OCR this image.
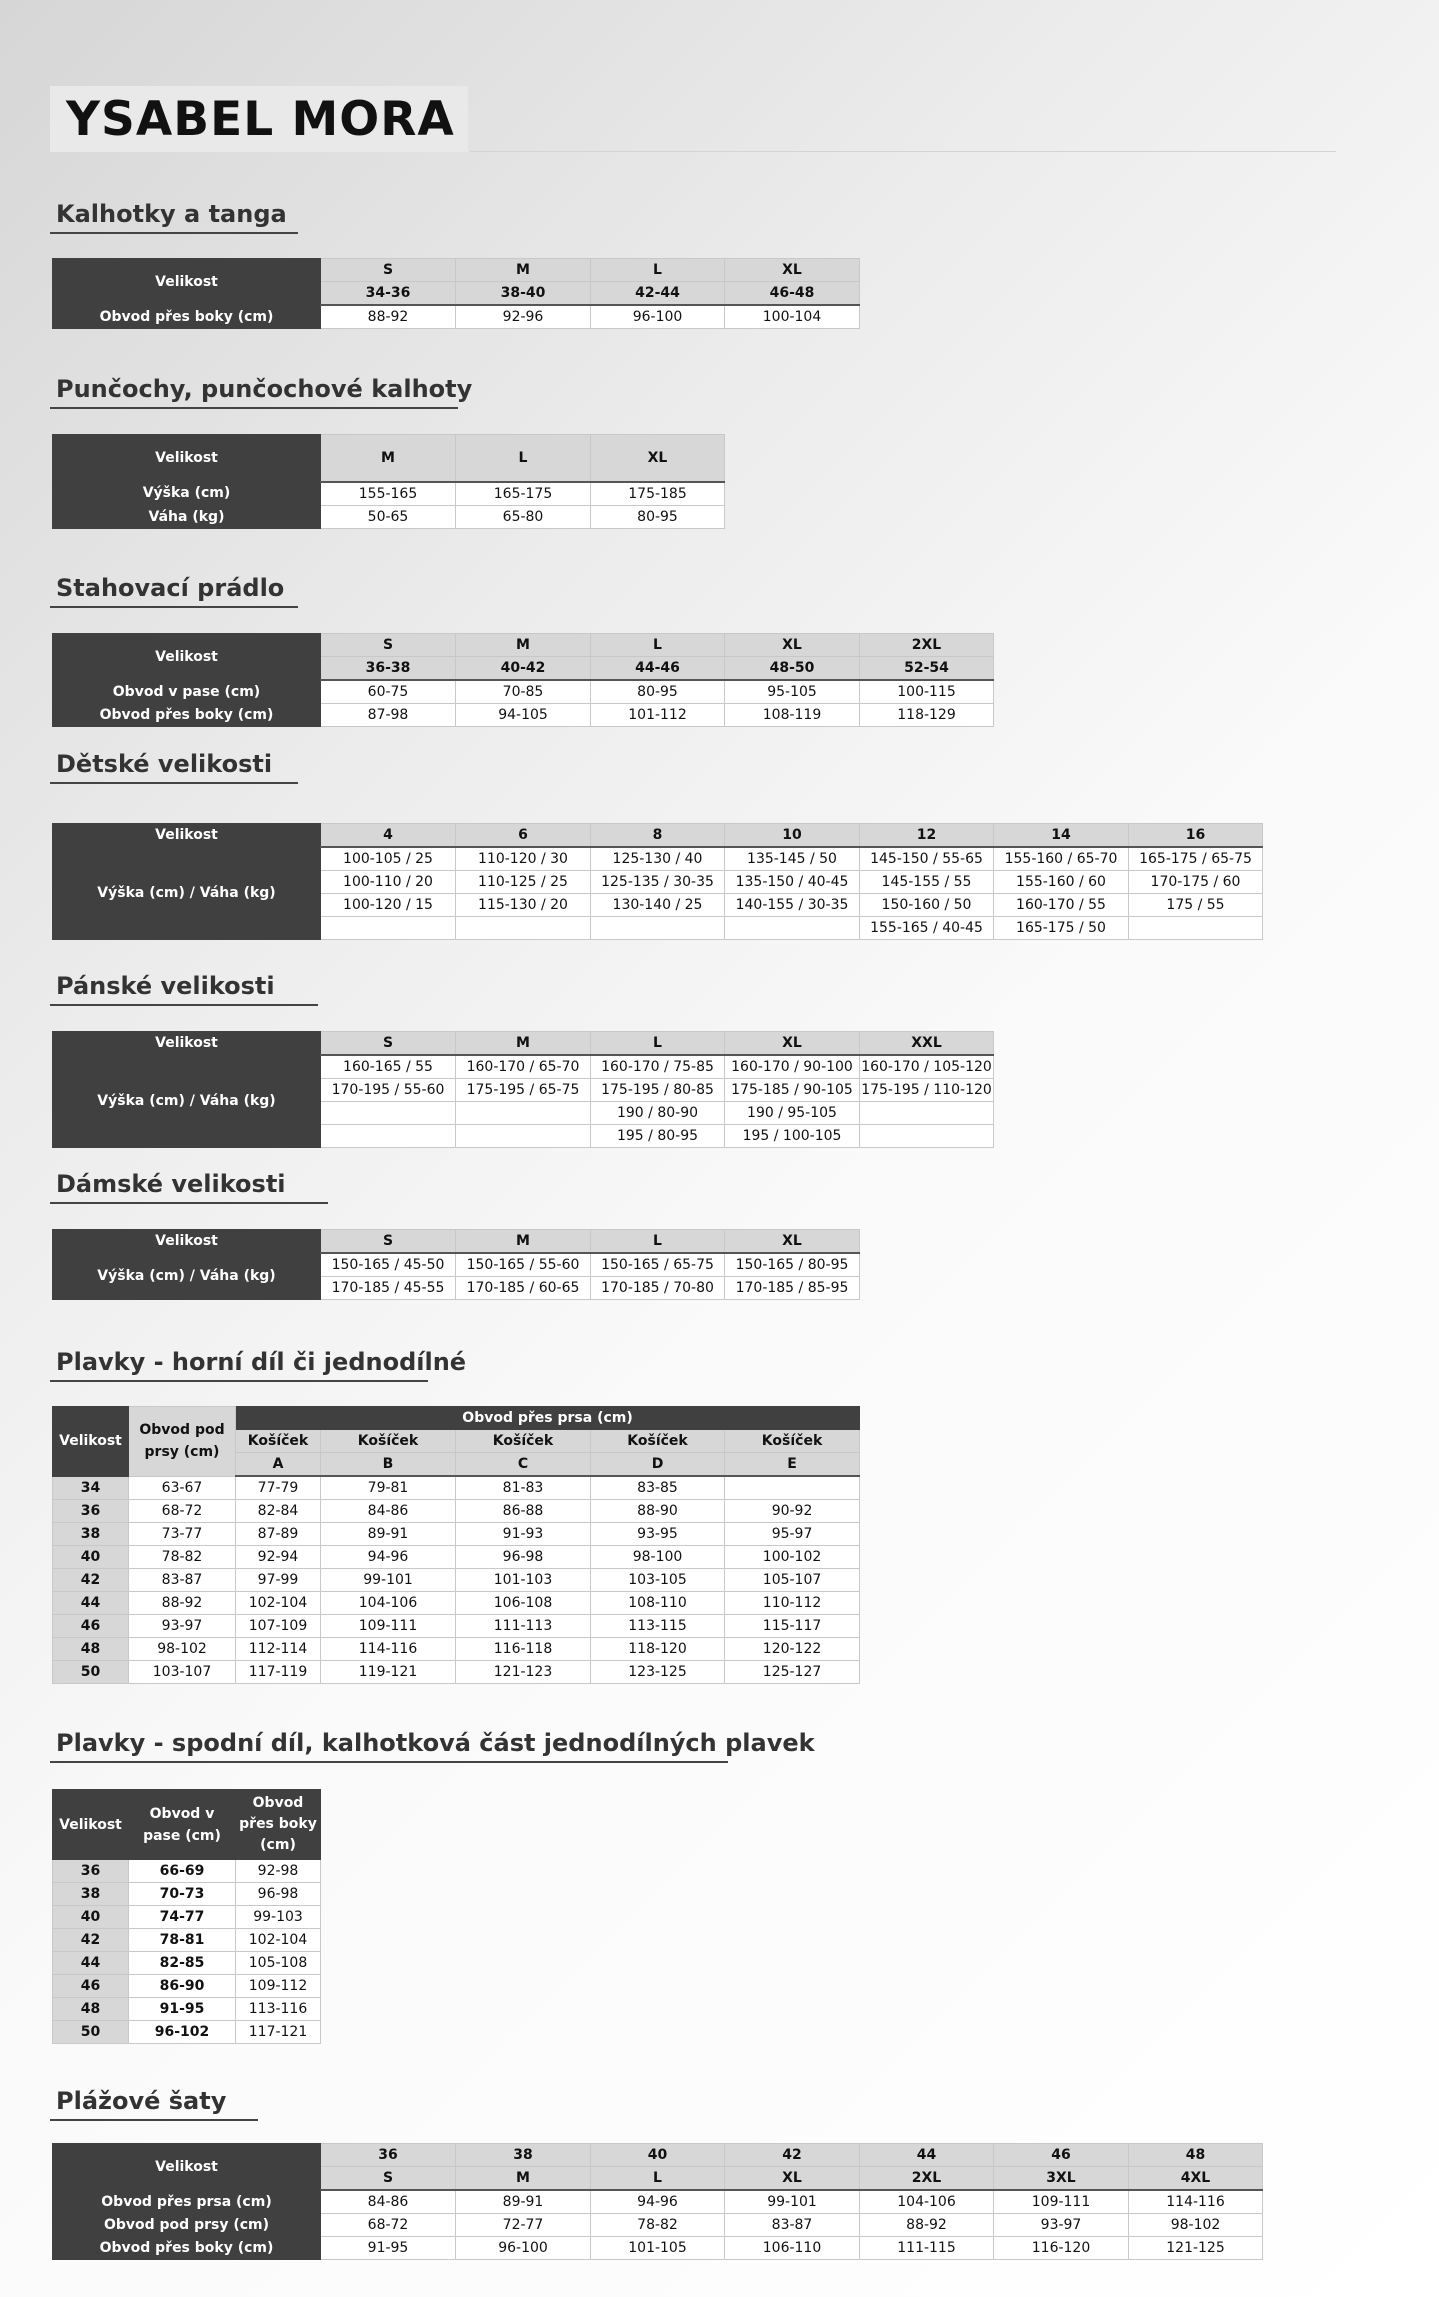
YSABEL MORA
Kalhotky a tanga
Velikost	S	M	L	XL
	34-36	38-40	42-44	46-48
Obvod přes boky (cm)	88-92	92-96	96-100	100-104
Punčochy, punčochové kalhoty
Velikost	M	L	XL
Výška (cm)	155-165	165-175	175-185
Váha (kg)	50-65	65-80	80-95
Stahovací prádlo
Velikost	S	M	L	XL	2XL
	36-38	40-42	44-46	48-50	52-54
Obvod v pase (cm)	60-75	70-85	80-95	95-105	100-115
Obvod přes boky (cm)	87-98	94-105	101-112	108-119	118-129
Dětské velikosti
Velikost	4	6	8	10	12	14	16
Výška (cm) / Váha (kg)	100-105 / 25	110-120 / 30	125-130 / 40	135-145 / 50	145-150 / 55-65	155-160 / 65-70	165-175 / 65-75
	100-110 / 20	110-125 / 25	125-135 / 30-35	135-150 / 40-45	145-155 / 55	155-160 / 60	170-175 / 60
	100-120 / 15	115-130 / 20	130-140 / 25	140-155 / 30-35	150-160 / 50	160-170 / 55	175 / 55
					155-165 / 40-45	165-175 / 50	
Pánské velikosti
Velikost	S	M	L	XL	XXL
Výška (cm) / Váha (kg)	160-165 / 55	160-170 / 65-70	160-170 / 75-85	160-170 / 90-100	160-170 / 105-120
	170-195 / 55-60	175-195 / 65-75	175-195 / 80-85	175-185 / 90-105	175-195 / 110-120
			190 / 80-90	190 / 95-105	
			195 / 80-95	195 / 100-105	
Dámské velikosti
Velikost	S	M	L	XL
Výška (cm) / Váha (kg)	150-165 / 45-50	150-165 / 55-60	150-165 / 65-75	150-165 / 80-95
	170-185 / 45-55	170-185 / 60-65	170-185 / 70-80	170-185 / 85-95
Plavky - horní díl či jednodílné
Velikost	Obvod pod prsy (cm)	Obvod přes prsa (cm)				
		Košíček	Košíček	Košíček	Košíček	Košíček
		A	B	C	D	E
34	63-67	77-79	79-81	81-83	83-85	
36	68-72	82-84	84-86	86-88	88-90	90-92
38	73-77	87-89	89-91	91-93	93-95	95-97
40	78-82	92-94	94-96	96-98	98-100	100-102
42	83-87	97-99	99-101	101-103	103-105	105-107
44	88-92	102-104	104-106	106-108	108-110	110-112
46	93-97	107-109	109-111	111-113	113-115	115-117
48	98-102	112-114	114-116	116-118	118-120	120-122
50	103-107	117-119	119-121	121-123	123-125	125-127
Plavky - spodní díl, kalhotková část jednodílných plavek
Velikost	Obvod v pase (cm)	Obvod přes boky (cm)
36	66-69	92-98
38	70-73	96-98
40	74-77	99-103
42	78-81	102-104
44	82-85	105-108
46	86-90	109-112
48	91-95	113-116
50	96-102	117-121
Plážové šaty
Velikost	36	38	40	42	44	46	48
	S	M	L	XL	2XL	3XL	4XL
Obvod přes prsa (cm)	84-86	89-91	94-96	99-101	104-106	109-111	114-116
Obvod pod prsy (cm)	68-72	72-77	78-82	83-87	88-92	93-97	98-102
Obvod přes boky (cm)	91-95	96-100	101-105	106-110	111-115	116-120	121-125
